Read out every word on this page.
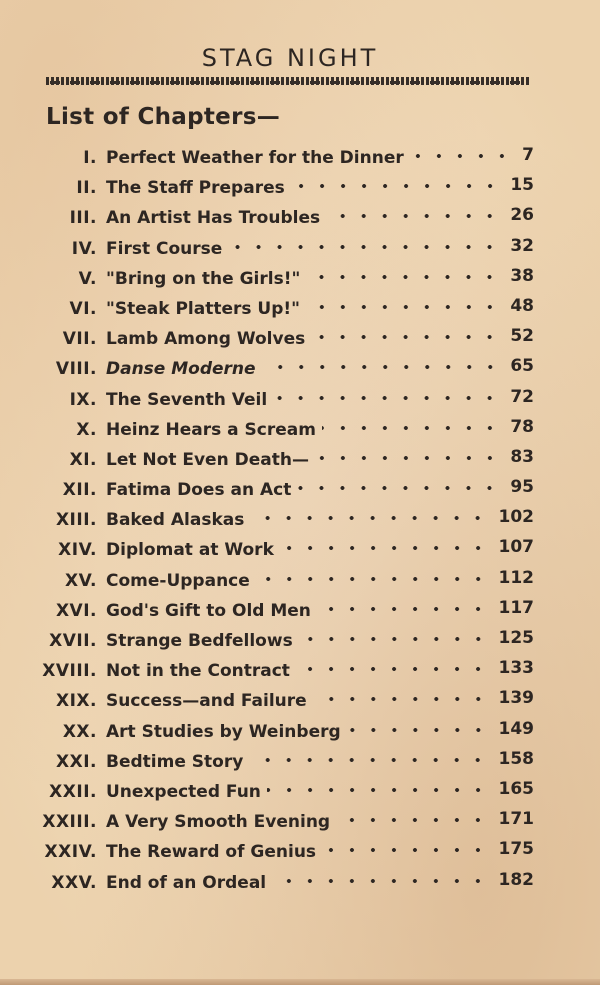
STAG NIGHT
List of Chapters—
I. Perfect Weather for the Dinner	7
II. The Staff Prepares	15
III. An Artist Has Troubles	26
IV. First Course	32
V. "Bring on the Girls!"	38
VI. "Steak Platters Up!"	48
VII. Lamb Among Wolves	52
VIII. Danse Moderne	65
IX. The Seventh Veil	72
X. Heinz Hears a Scream	78
XI. Let Not Even Death—	83
XII. Fatima Does an Act	95
XIII. Baked Alaskas	102
XIV. Diplomat at Work	107
XV. Come-Uppance	112
XVI. God's Gift to Old Men	117
XVII. Strange Bedfellows	125
XVIII. Not in the Contract	133
XIX. Success—and Failure	139
XX. Art Studies by Weinberg	149
XXI. Bedtime Story	158
XXII. Unexpected Fun	165
XXIII. A Very Smooth Evening	171
XXIV. The Reward of Genius	175
XXV. End of an Ordeal	182
